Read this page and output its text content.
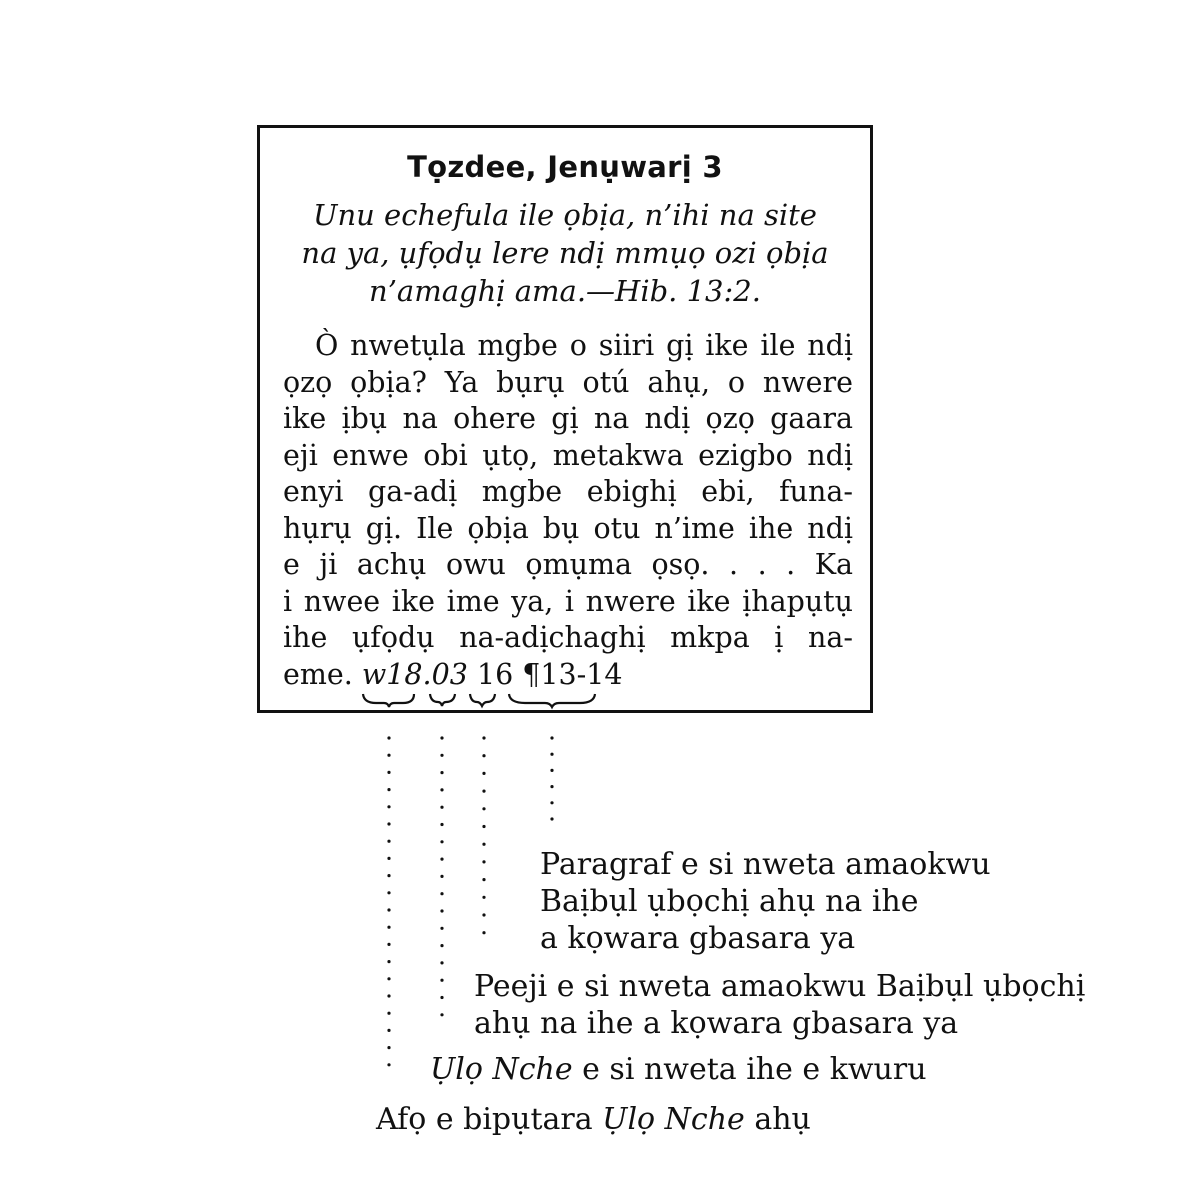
Tọzdee, Jenụwarị 3
Unu echefula ile ọbịa, n’ihi na site
na ya, ụfọdụ lere ndị mmụọ ozi ọbịa
n’amaghị ama.—Hib. 13:2.
Ò nwetụla mgbe o siiri gị ike ile ndị
ọzọ ọbịa? Ya bụrụ otú ahụ, o nwere
ike ịbụ na ohere gị na ndị ọzọ gaara
eji enwe obi ụtọ, metakwa ezigbo ndị
enyi ga-adị mgbe ebighị ebi, funa-
hụrụ gị. Ile ọbịa bụ otu n’ime ihe ndị
e ji achụ owu ọmụma ọsọ. . . . Ka
i nwee ike ime ya, i nwere ike ịhapụtụ
ihe ụfọdụ na-adịchaghị mkpa ị na-
eme. w18.03 16 ¶13-14
Paragraf e si nweta amaokwu
Baịbụl ụbọchị ahụ na ihe
a kọwara gbasara ya
Peeji e si nweta amaokwu Baịbụl ụbọchị
ahụ na ihe a kọwara gbasara ya
Ụlọ Nche e si nweta ihe e kwuru
Afọ e bipụtara Ụlọ Nche ahụ
